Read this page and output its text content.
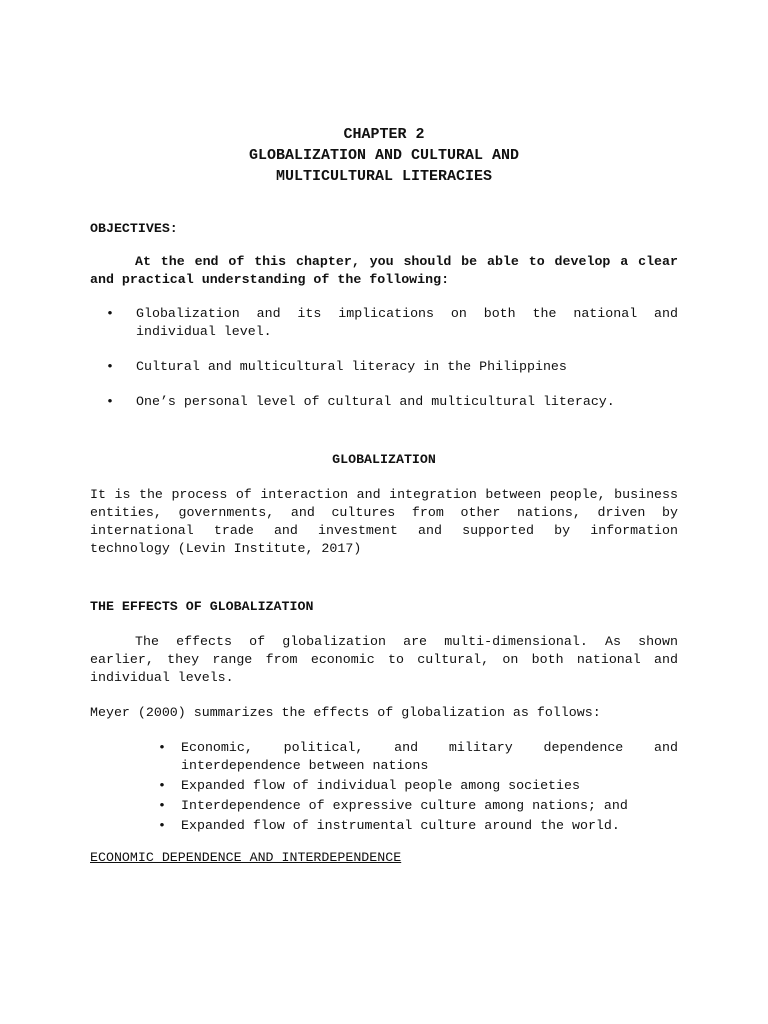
CHAPTER 2
GLOBALIZATION AND CULTURAL AND
MULTICULTURAL LITERACIES
OBJECTIVES:
At the end of this chapter, you should be able to develop a clear and practical understanding of the following:
• Globalization and its implications on both the national and individual level.
• Cultural and multicultural literacy in the Philippines
• One’s personal level of cultural and multicultural literacy.
GLOBALIZATION
It is the process of interaction and integration between people, business entities, governments, and cultures from other nations, driven by international trade and investment and supported by information technology (Levin Institute, 2017)
THE EFFECTS OF GLOBALIZATION
The effects of globalization are multi-dimensional. As shown earlier, they range from economic to cultural, on both national and individual levels.
Meyer (2000) summarizes the effects of globalization as follows:
• Economic, political, and military dependence and interdependence between nations
• Expanded flow of individual people among societies
• Interdependence of expressive culture among nations; and
• Expanded flow of instrumental culture around the world.
ECONOMIC DEPENDENCE AND INTERDEPENDENCE
